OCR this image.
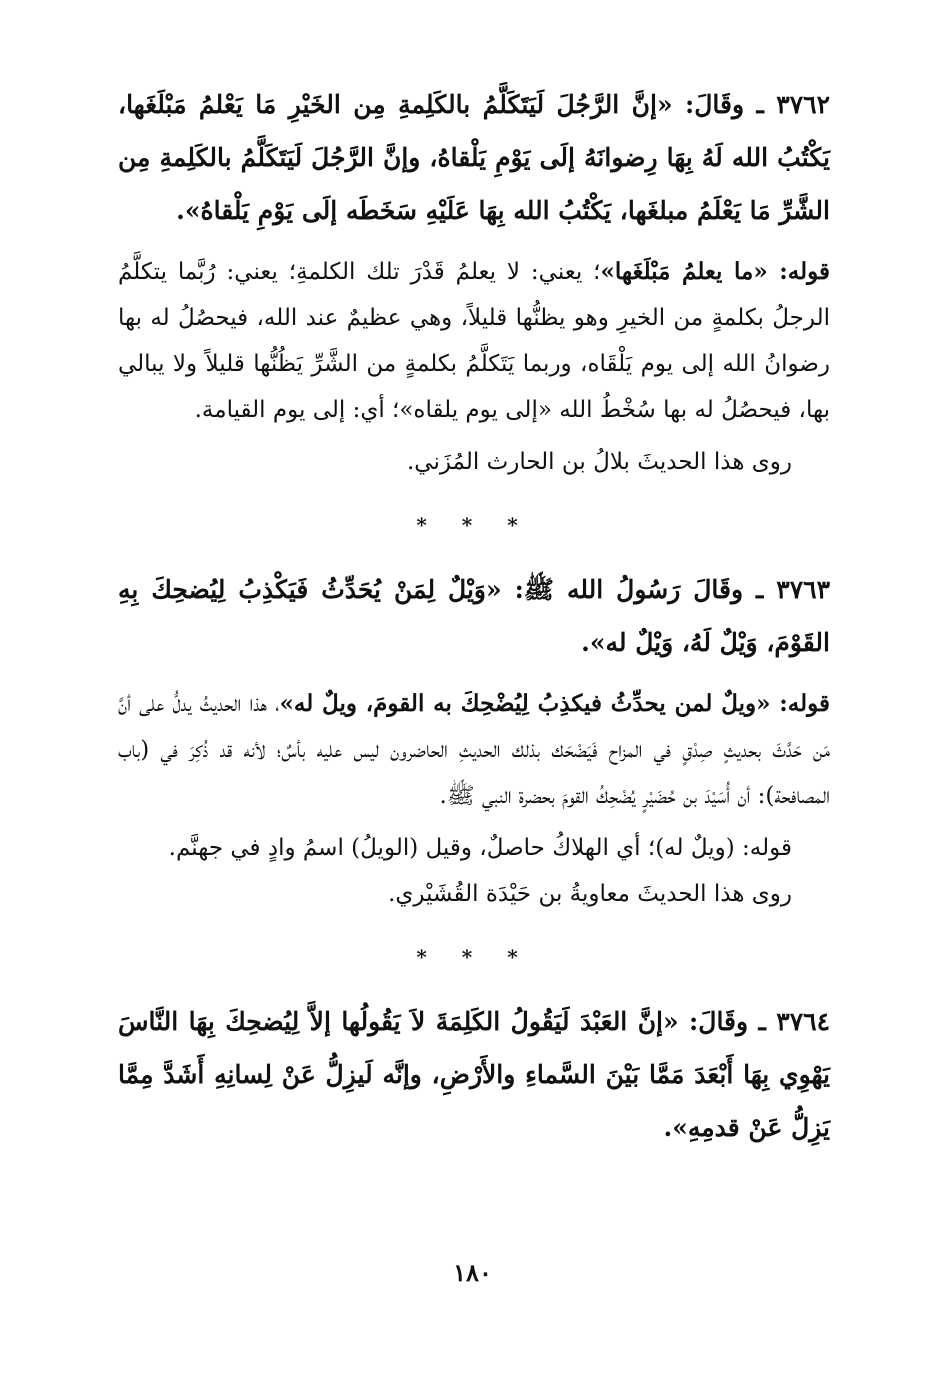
٣٧٦٢ ـ وقَالَ: «إنَّ الرَّجُلَ لَيَتَكَلَّمُ بالكَلِمةِ مِن الخَيْرِ مَا يَعْلمُ مَبْلَغَها، يَكْتُبُ الله لَهُ بِهَا رِضوانَهُ إلَى يَوْمِ يَلْقاهُ، وإنَّ الرَّجُلَ لَيَتَكَلَّمُ بالكَلِمةِ مِن الشَّرِّ مَا يَعْلَمُ مبلغَها، يَكْتُبُ الله بِهَا عَلَيْهِ سَخَطَه إلَى يَوْمِ يَلْقاهُ».

قوله: «ما يعلمُ مَبْلَغَها»؛ يعني: لا يعلمُ قَدْرَ تلك الكلمةِ؛ يعني: رُبَّما يتكلَّمُ الرجلُ بكلمةٍ من الخيرِ وهو يظنُّها قليلاً، وهي عظيمٌ عند الله، فيحصُلُ له بها رضوانُ الله إلى يوم يَلْقَاه، وربما يَتَكلَّمُ بكلمةٍ من الشَّرِّ يَظُنُّها قليلاً ولا يبالي بها، فيحصُلُ له بها سُخْطُ الله «إلى يوم يلقاه»؛ أي: إلى يوم القيامة.

روى هذا الحديثَ بلالُ بن الحارث المُزَني.

* * *

٣٧٦٣ ـ وقَالَ رَسُولُ الله ﷺ: «وَيْلٌ لِمَنْ يُحَدِّثُ فَيَكْذِبُ لِيُضحِكَ بِهِ القَوْمَ، وَيْلٌ لَهُ، وَيْلٌ له».

قوله: «ويلٌ لمن يحدِّثُ فيكذِبُ لِيُضْحِكَ به القومَ، ويلٌ له»، هذا الحديثُ يدلُّ على أنَّ مَن حَدَّثَ بحديثٍ صِدْقٍ في المزاح فَيَضْحَك بذلك الحديثِ الحاضرون ليس عليه بأسٌ؛ لأنه قد ذُكِرَ في (باب المصافحة): أن أُسَيْدَ بن حُضَيْرٍ يُضْحِكُ القومَ بحضرة النبي ﷺ.

قوله: (ويلٌ له)؛ أي الهلاكُ حاصلٌ، وقيل (الويلُ) اسمُ وادٍ في جهنَّم.

روى هذا الحديثَ معاويةُ بن حَيْدَة القُشَيْري.

* * *

٣٧٦٤ ـ وقَالَ: «إنَّ العَبْدَ لَيَقُولُ الكَلِمَةَ لاَ يَقُولُها إلاَّ لِيُضحِكَ بِهَا النَّاسَ يَهْوِي بِهَا أَبْعَدَ مَمَّا بَيْنَ السَّماءِ والأَرْضِ، وإنَّه لَيزِلُّ عَنْ لِسانِهِ أَشَدَّ مِمَّا يَزِلُّ عَنْ قدمِهِ».

١٨٠
